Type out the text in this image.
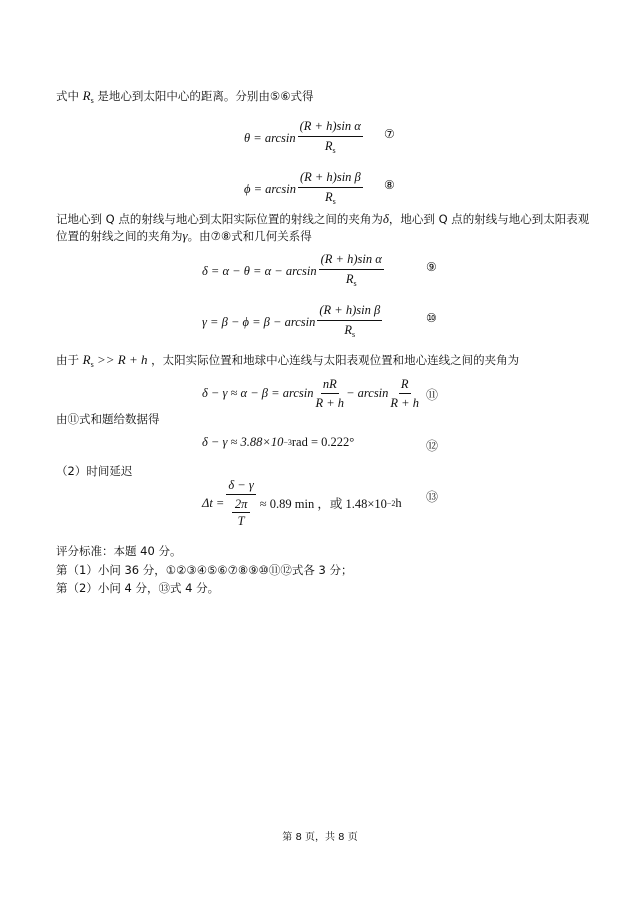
式中 $R_s$ 是地心到太阳中心的距离。分别由⑤⑥式得
$\theta = \arcsin \frac{\text{(R + h)sin α}}{R_s}$ ⑦
$\phi = \arcsin \frac{\text{(R + h)sin β}}{R_s}$ ⑧
记地心到 Q 点的射线与地心到太阳实际位置的射线之间的夹角为δ，地心到 Q 点的射线与地心到太阳表观
位置的射线之间的夹角为γ。由⑦⑧式和几何关系得
$\delta = \alpha - \theta = \alpha - \arcsin \frac{\text{(R + h)sin α}}{R_s}$	⑨
$\gamma = \beta - \phi = \beta - \arcsin \frac{\text{(R + h)sin β}}{R_s}$	⑩
由于 $R_s >> R + h$ ，太阳实际位置和地球中心连线与太阳表观位置和地心连线之间的夹角为
$\delta - \gamma \approx \alpha - \beta = \arcsin \frac{nR}{R + h} - \arcsin \frac{R}{R + h}$ ⑪
由⑪式和题给数据得
δ − γ ≈ 3.88×10 −3 rad = 0.222°	⑫
（2）时间延迟
Δt = δ − γ
2π
T ≈ 0.89 min ，或 1.48×10 −2 h ⑬
评分标准：本题 40 分。
第（1）小问 36 分，①②③④⑤⑥⑦⑧⑨⑩⑪⑫式各 3 分；
第（2）小问 4 分，⑬式 4 分。
第 8 页，共 8 页
